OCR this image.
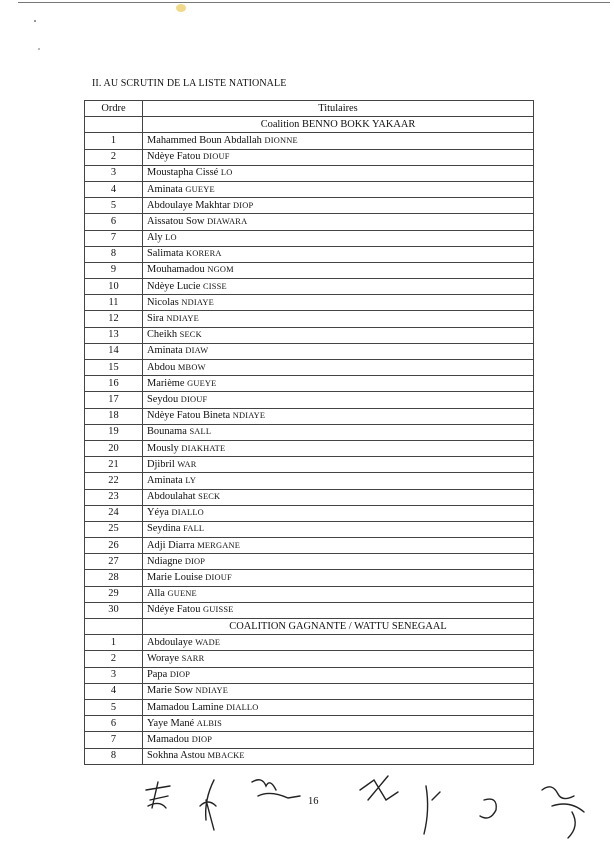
II. AU SCRUTIN DE LA LISTE NATIONALE
Ordre	Titulaires
	Coalition BENNO BOKK YAKAAR
1	Mahammed Boun Abdallah DIONNE
2	Ndèye Fatou DIOUF
3	Moustapha Cissé LO
4	Aminata GUEYE
5	Abdoulaye Makhtar DIOP
6	Aissatou Sow DIAWARA
7	Aly LO
8	Salimata KORERA
9	Mouhamadou NGOM
10	Ndèye Lucie CISSE
11	Nicolas NDIAYE
12	Sira NDIAYE
13	Cheikh SECK
14	Aminata DIAW
15	Abdou MBOW
16	Marième GUEYE
17	Seydou DIOUF
18	Ndèye Fatou Bineta NDIAYE
19	Bounama SALL
20	Mously DIAKHATE
21	Djibril WAR
22	Aminata LY
23	Abdoulahat SECK
24	Yéya DIALLO
25	Seydina FALL
26	Adji Diarra MERGANE
27	Ndiagne DIOP
28	Marie Louise DIOUF
29	Alla GUENE
30	Ndéye Fatou GUISSE
	COALITION GAGNANTE / WATTU SENEGAAL
1	Abdoulaye WADE
2	Woraye SARR
3	Papa DIOP
4	Marie Sow NDIAYE
5	Mamadou Lamine DIALLO
6	Yaye Mané ALBIS
7	Mamadou DIOP
8	Sokhna Astou MBACKE
16
